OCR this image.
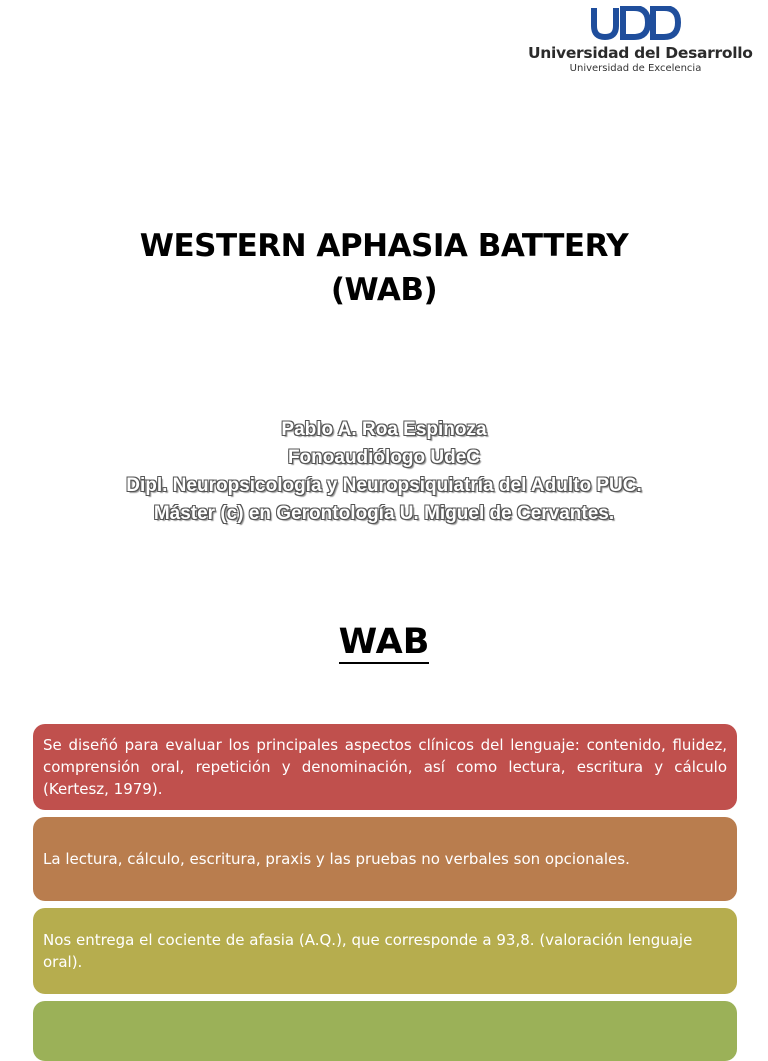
Universidad del Desarrollo
Universidad de Excelencia
WESTERN APHASIA BATTERY
(WAB)
Pablo A. Roa Espinoza
Fonoaudiólogo UdeC
Dipl. Neuropsicología y Neuropsiquiatría del Adulto PUC.
Máster (c) en Gerontología U. Miguel de Cervantes.
WAB
Se diseñó para evaluar los principales aspectos clínicos del lenguaje: contenido, fluidez, comprensión oral, repetición y denominación, así como lectura, escritura y cálculo (Kertesz, 1979).
La lectura, cálculo, escritura, praxis y las pruebas no verbales son opcionales.
Nos entrega el cociente de afasia (A.Q.), que corresponde a 93,8. (valoración lenguaje oral).
